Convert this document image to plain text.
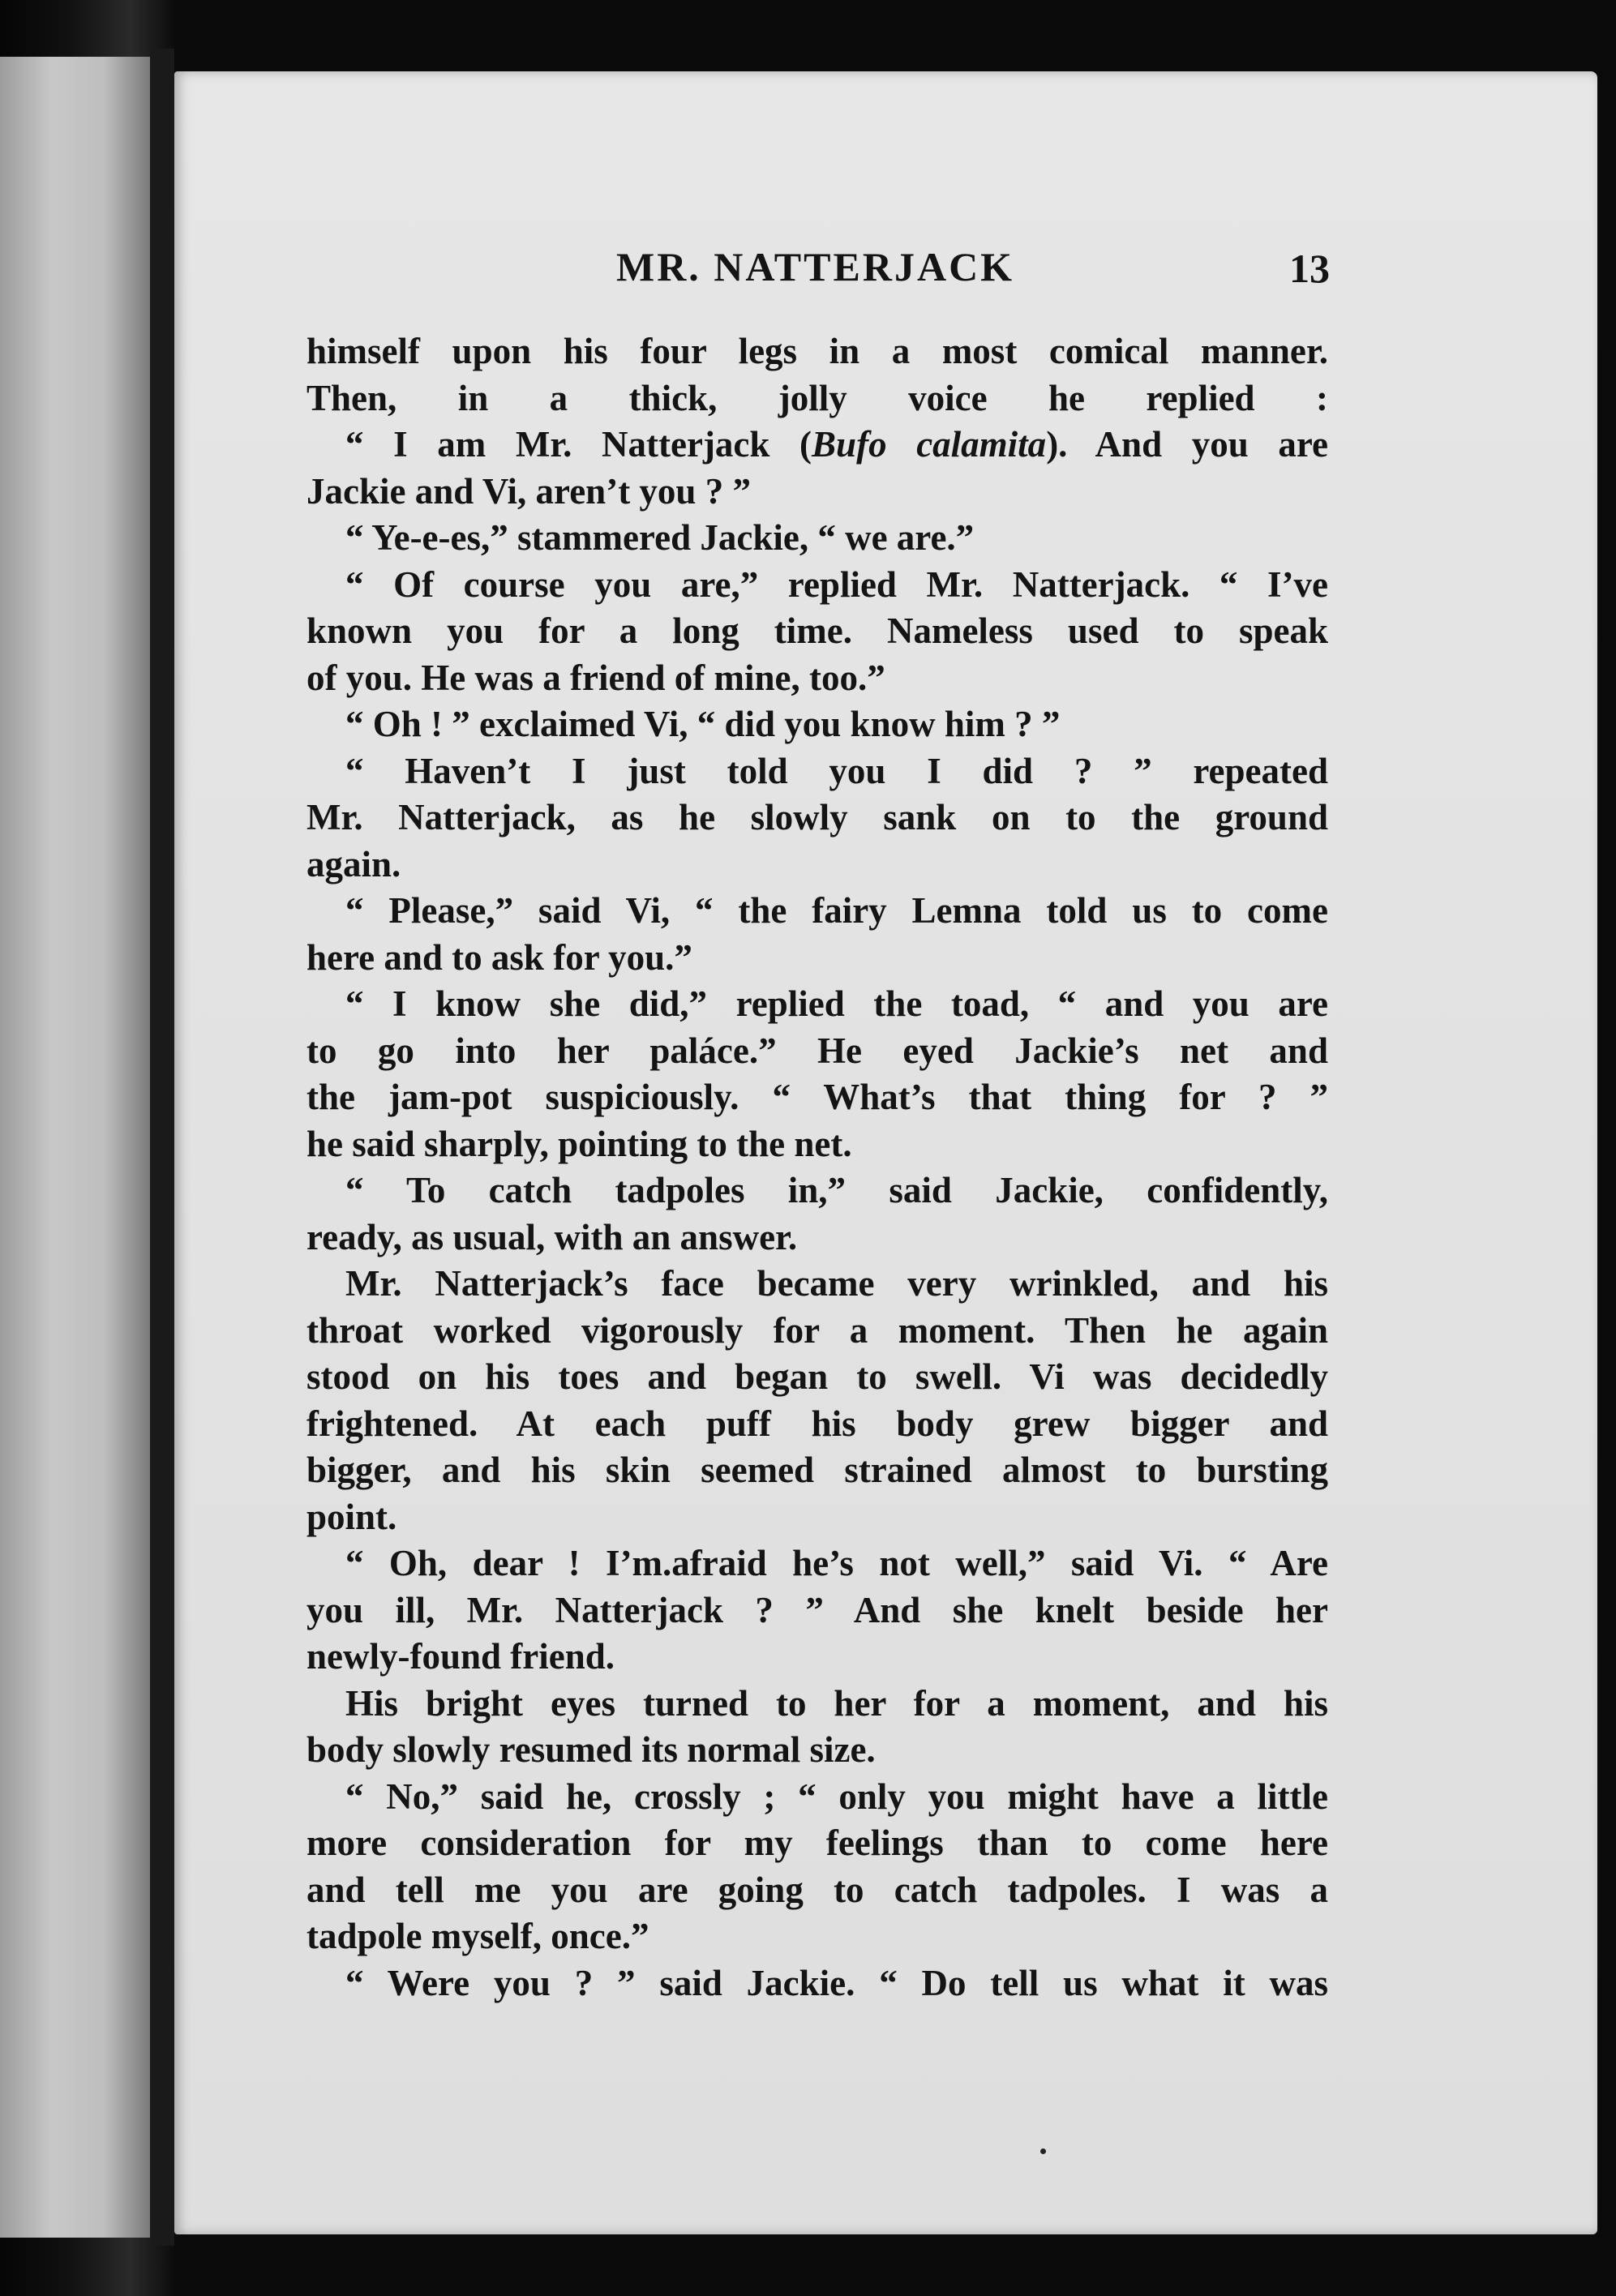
MR. NATTERJACK	13

himself upon his four legs in a most comical manner.
Then, in a thick, jolly voice he replied :

“ I am Mr. Natterjack (Bufo calamita). And you are

Jackie and Vi, aren’t you ? ”

“ Ye-e-es,” stammered Jackie, “ we are.”

“ Of course you are,” replied Mr. Natterjack. “ I’ve

known you for a long time. Nameless used to speak

of you. He was a friend of mine, too.”

“ Oh ! ” exclaimed Vi, “ did you know him ? ”

“ Haven’t I just told you I did ? ” repeated

Mr. Natterjack, as he slowly sank on to the ground

again.

“ Please,” said Vi, “ the fairy Lemna told us to come

here and to ask for you.”

“ I know she did,” replied the toad, “ and you are

to go into her paláce.” He eyed Jackie’s net and

the jam-pot suspiciously. “ What’s that thing for ? ”

he said sharply, pointing to the net.

“ To catch tadpoles in,” said Jackie, confidently,

ready, as usual, with an answer.

Mr. Natterjack’s face became very wrinkled, and his

throat worked vigorously for a moment. Then he again

stood on his toes and began to swell. Vi was decidedly

frightened. At each puff his body grew bigger and

bigger, and his skin seemed strained almost to bursting

point.

“ Oh, dear ! I’m.afraid he’s not well,” said Vi. “ Are

you ill, Mr. Natterjack ? ” And she knelt beside her

newly-found friend.

His bright eyes turned to her for a moment, and his

body slowly resumed its normal size.

“ No,” said he, crossly ; “ only you might have a little

more consideration for my feelings than to come here

and tell me you are going to catch tadpoles. I was a

tadpole myself, once.”

“ Were you ? ” said Jackie. “ Do tell us what it was
